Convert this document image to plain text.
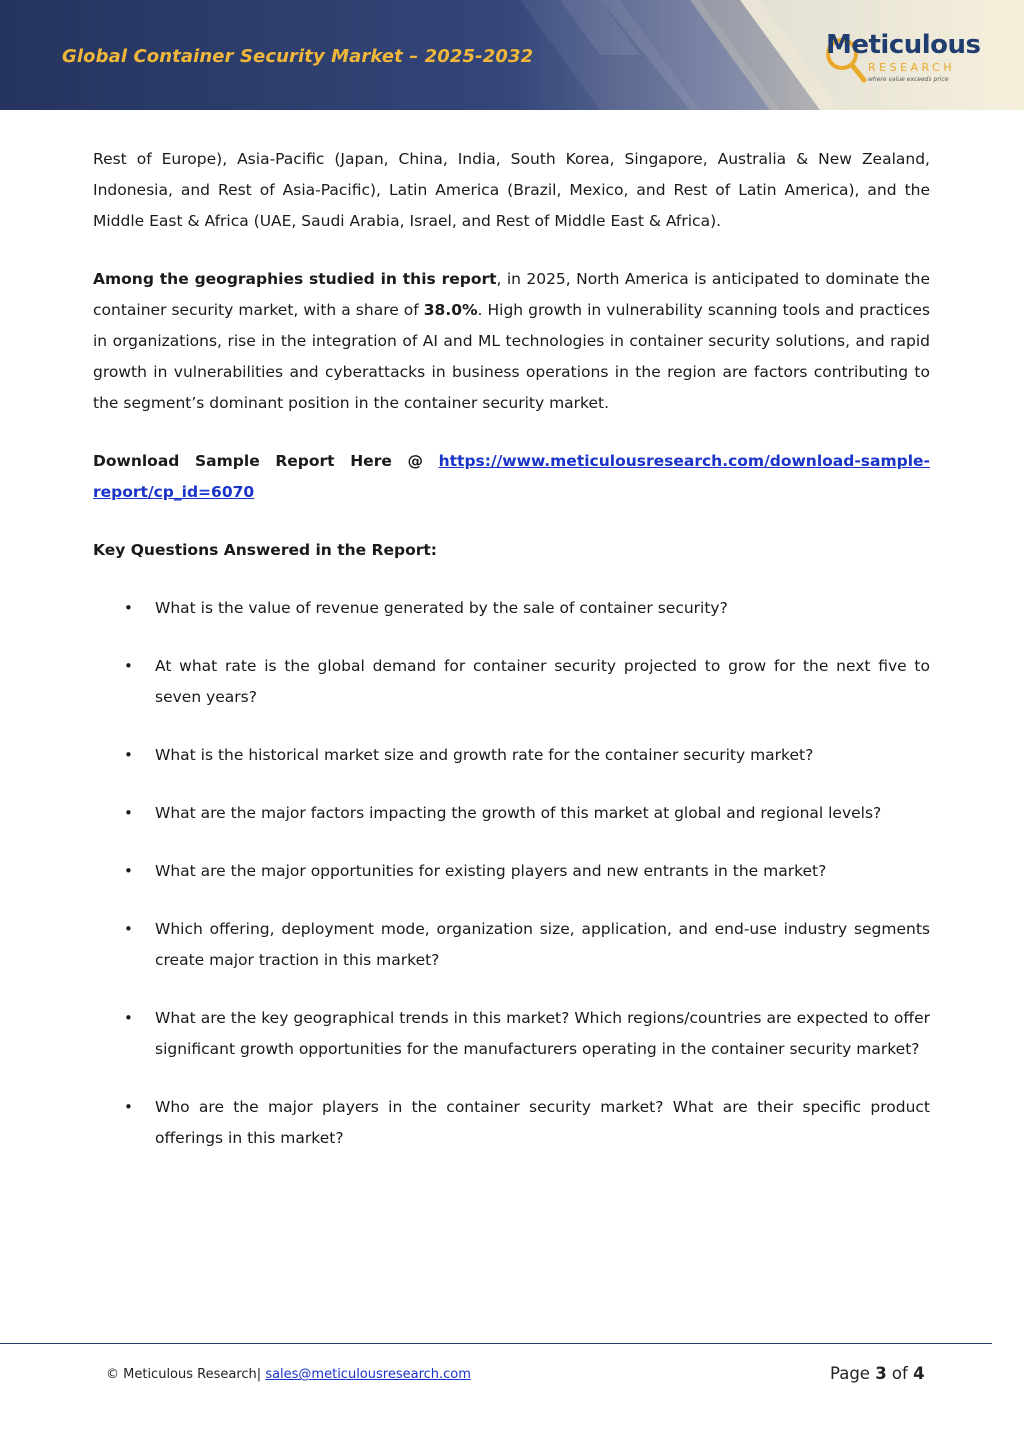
Global Container Security Market – 2025-2032	Meticulous
RESEARCH
where value exceeds price

Rest of Europe), Asia-Pacific (Japan, China, India, South Korea, Singapore, Australia & New Zealand, Indonesia, and Rest of Asia-Pacific), Latin America (Brazil, Mexico, and Rest of Latin America), and the Middle East & Africa (UAE, Saudi Arabia, Israel, and Rest of Middle East & Africa).

Among the geographies studied in this report, in 2025, North America is anticipated to dominate the container security market, with a share of 38.0%. High growth in vulnerability scanning tools and practices in organizations, rise in the integration of AI and ML technologies in container security solutions, and rapid growth in vulnerabilities and cyberattacks in business operations in the region are factors contributing to the segment’s dominant position in the container security market.

Download Sample Report Here @ https://www.meticulousresearch.com/download-sample-report/cp_id=6070

Key Questions Answered in the Report:
• What is the value of revenue generated by the sale of container security?
• At what rate is the global demand for container security projected to grow for the next five to seven years?
• What is the historical market size and growth rate for the container security market?
• What are the major factors impacting the growth of this market at global and regional levels?
• What are the major opportunities for existing players and new entrants in the market?
• Which offering, deployment mode, organization size, application, and end-use industry segments create major traction in this market?
• What are the key geographical trends in this market? Which regions/countries are expected to offer significant growth opportunities for the manufacturers operating in the container security market?
• Who are the major players in the container security market? What are their specific product offerings in this market?
© Meticulous Research| sales@meticulousresearch.com	Page 3 of 4
